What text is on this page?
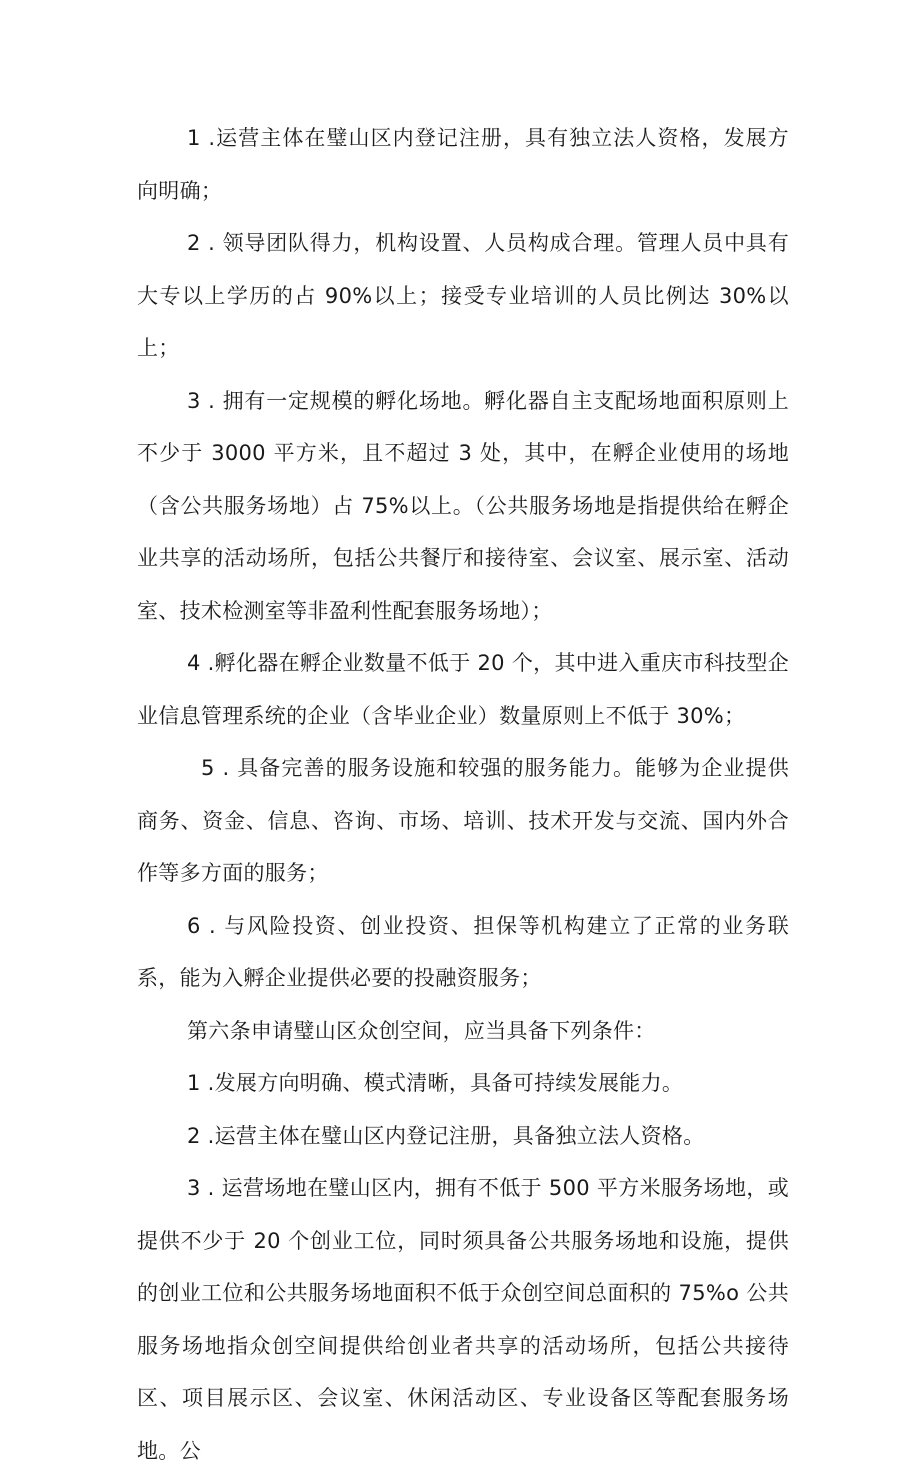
1 .运营主体在璧山区内登记注册，具有独立法人资格，发展方向明确；

2 . 领导团队得力，机构设置、人员构成合理。管理人员中具有大专以上学历的占 90%以上；接受专业培训的人员比例达 30%以上；

3 . 拥有一定规模的孵化场地。孵化器自主支配场地面积原则上不少于 3000 平方米，且不超过 3 处，其中，在孵企业使用的场地（含公共服务场地）占 75%以上。（公共服务场地是指提供给在孵企业共享的活动场所，包括公共餐厅和接待室、会议室、展示室、活动室、技术检测室等非盈利性配套服务场地）；

4 .孵化器在孵企业数量不低于 20 个，其中进入重庆市科技型企业信息管理系统的企业（含毕业企业）数量原则上不低于 30%；

5 . 具备完善的服务设施和较强的服务能力。能够为企业提供商务、资金、信息、咨询、市场、培训、技术开发与交流、国内外合作等多方面的服务；

6 . 与风险投资、创业投资、担保等机构建立了正常的业务联系，能为入孵企业提供必要的投融资服务；

第六条申请璧山区众创空间，应当具备下列条件：

1 .发展方向明确、模式清晰，具备可持续发展能力。

2 .运营主体在璧山区内登记注册，具备独立法人资格。

3 . 运营场地在璧山区内，拥有不低于 500 平方米服务场地，或提供不少于 20 个创业工位，同时须具备公共服务场地和设施，提供的创业工位和公共服务场地面积不低于众创空间总面积的 75%o 公共服务场地指众创空间提供给创业者共享的活动场所，包括公共接待区、项目展示区、会议室、休闲活动区、专业设备区等配套服务场地。公
